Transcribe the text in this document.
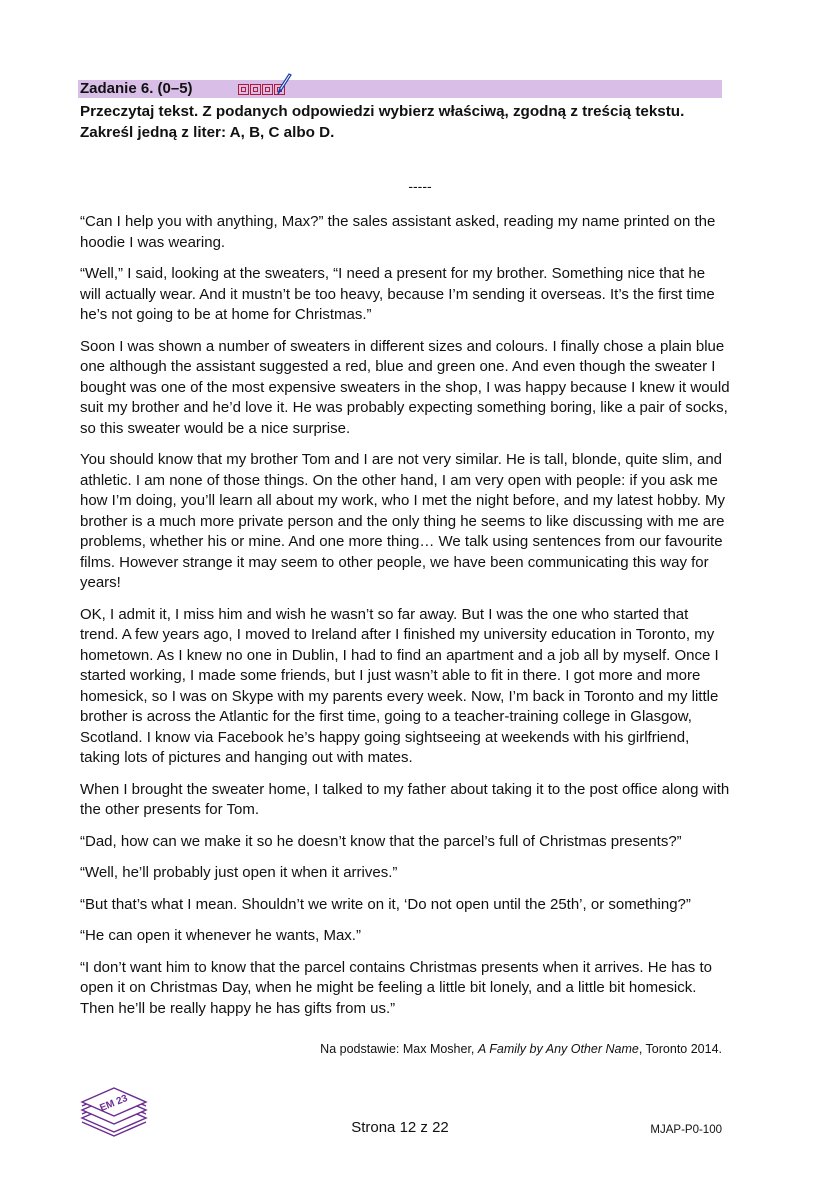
Zadanie 6. (0–5)

Przeczytaj tekst. Z podanych odpowiedzi wybierz właściwą, zgodną z treścią tekstu.

Zakreśl jedną z liter: A, B, C albo D.

-----

“Can I help you with anything, Max?” the sales assistant asked, reading my name printed on the hoodie I was wearing.

“Well,” I said, looking at the sweaters, “I need a present for my brother. Something nice that he will actually wear. And it mustn’t be too heavy, because I’m sending it overseas. It’s the first time he’s not going to be at home for Christmas.”

Soon I was shown a number of sweaters in different sizes and colours. I finally chose a plain blue one although the assistant suggested a red, blue and green one. And even though the sweater I bought was one of the most expensive sweaters in the shop, I was happy because I knew it would suit my brother and he’d love it. He was probably expecting something boring, like a pair of socks, so this sweater would be a nice surprise.

You should know that my brother Tom and I are not very similar. He is tall, blonde, quite slim, and athletic. I am none of those things. On the other hand, I am very open with people: if you ask me how I’m doing, you’ll learn all about my work, who I met the night before, and my latest hobby. My brother is a much more private person and the only thing he seems to like discussing with me are problems, whether his or mine. And one more thing… We talk using sentences from our favourite films. However strange it may seem to other people, we have been communicating this way for years!

OK, I admit it, I miss him and wish he wasn’t so far away. But I was the one who started that trend. A few years ago, I moved to Ireland after I finished my university education in Toronto, my hometown. As I knew no one in Dublin, I had to find an apartment and a job all by myself. Once I started working, I made some friends, but I just wasn’t able to fit in there. I got more and more homesick, so I was on Skype with my parents every week. Now, I’m back in Toronto and my little brother is across the Atlantic for the first time, going to a teacher-training college in Glasgow, Scotland. I know via Facebook he’s happy going sightseeing at weekends with his girlfriend, taking lots of pictures and hanging out with mates.

When I brought the sweater home, I talked to my father about taking it to the post office along with the other presents for Tom.

“Dad, how can we make it so he doesn’t know that the parcel’s full of Christmas presents?”

“Well, he’ll probably just open it when it arrives.”

“But that’s what I mean. Shouldn’t we write on it, ‘Do not open until the 25th’, or something?”

“He can open it whenever he wants, Max.”

“I don’t want him to know that the parcel contains Christmas presents when it arrives. He has to open it on Christmas Day, when he might be feeling a little bit lonely, and a little bit homesick. Then he’ll be really happy he has gifts from us.”

Na podstawie: Max Mosher, A Family by Any Other Name, Toronto 2014.
EM 23
Strona 12 z 22	MJAP-P0-100
